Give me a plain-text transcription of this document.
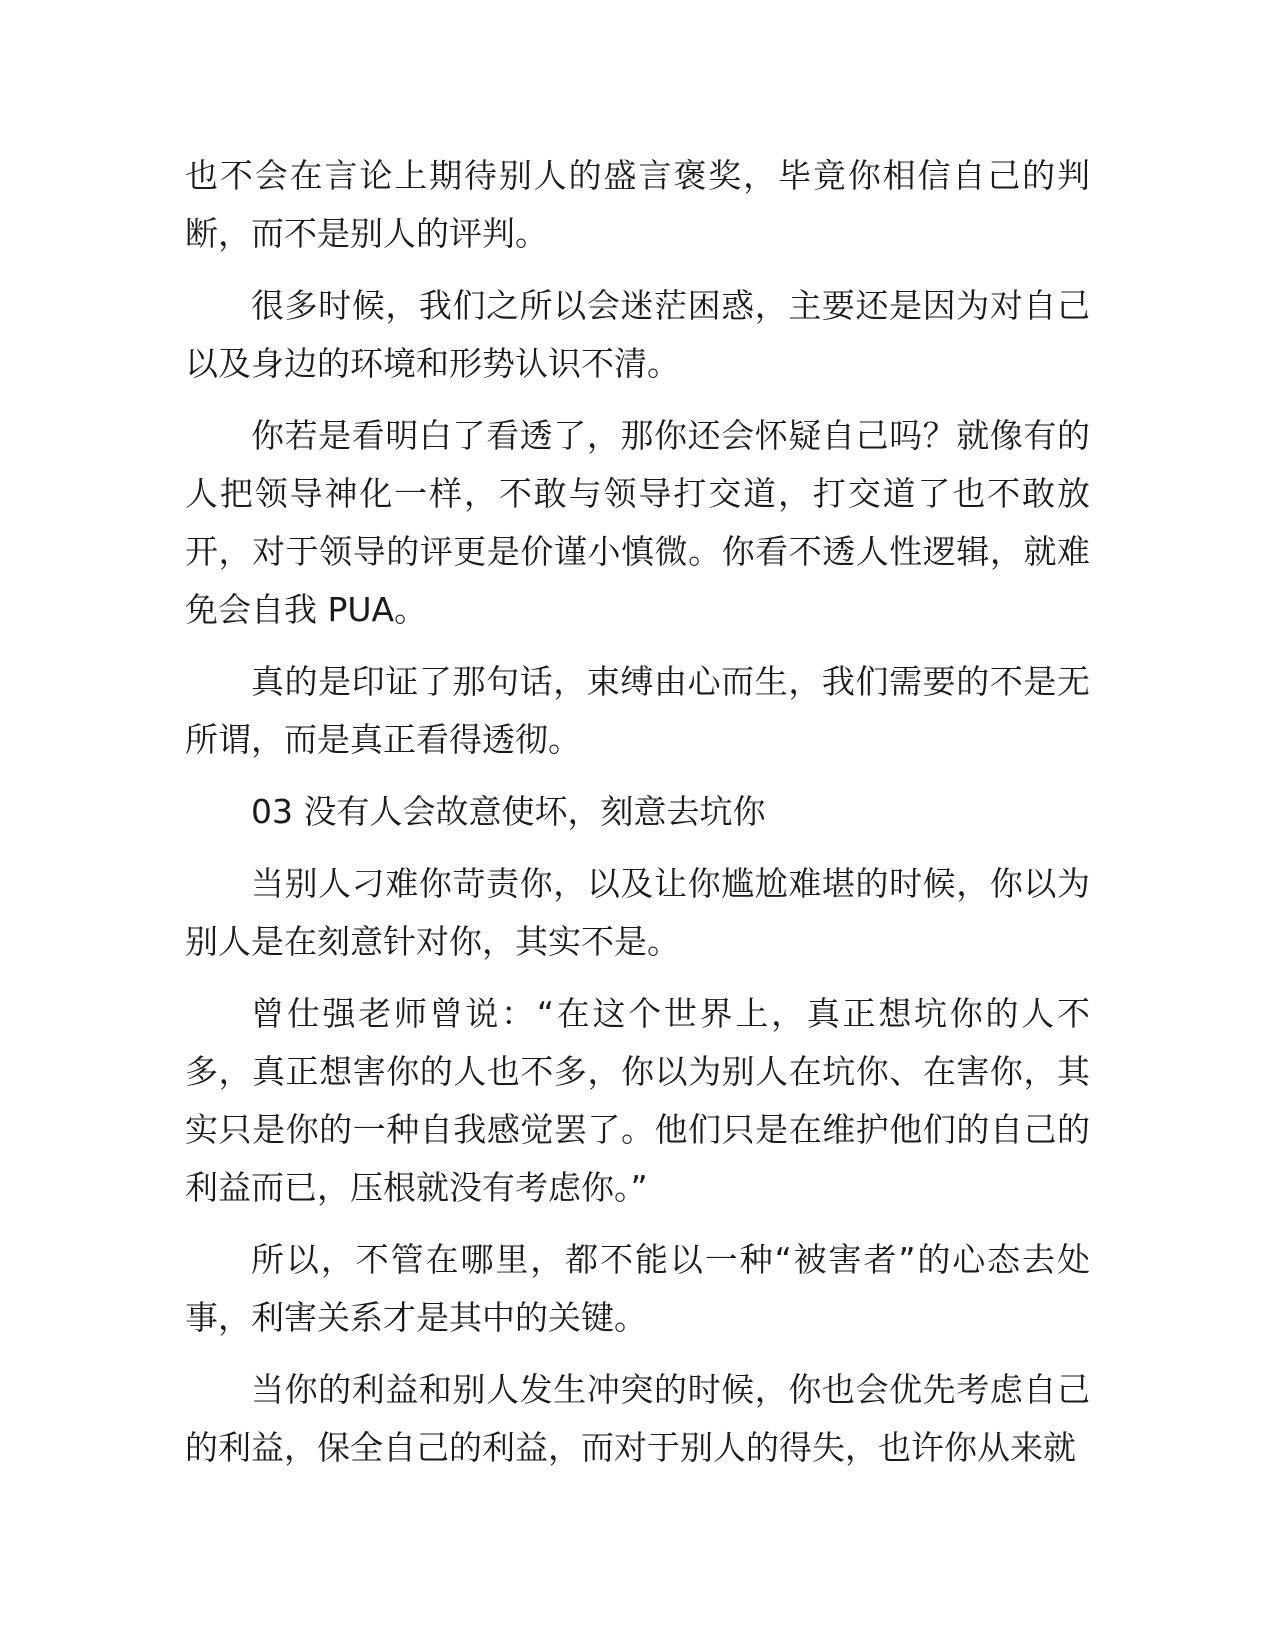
也不会在言论上期待别人的盛言褒奖，毕竟你相信自己的判断，而不是别人的评判。

很多时候，我们之所以会迷茫困惑，主要还是因为对自己以及身边的环境和形势认识不清。

你若是看明白了看透了，那你还会怀疑自己吗？就像有的人把领导神化一样，不敢与领导打交道，打交道了也不敢放开，对于领导的评更是价谨小慎微。你看不透人性逻辑，就难免会自我 PUA。

真的是印证了那句话，束缚由心而生，我们需要的不是无所谓，而是真正看得透彻。

03 没有人会故意使坏，刻意去坑你

当别人刁难你苛责你，以及让你尴尬难堪的时候，你以为别人是在刻意针对你，其实不是。

曾仕强老师曾说：“在这个世界上，真正想坑你的人不多，真正想害你的人也不多，你以为别人在坑你、在害你，其实只是你的一种自我感觉罢了。他们只是在维护他们的自己的利益而已，压根就没有考虑你。”

所以，不管在哪里，都不能以一种“被害者”的心态去处事，利害关系才是其中的关键。

当你的利益和别人发生冲突的时候，你也会优先考虑自己的利益，保全自己的利益，而对于别人的得失，也许你从来就
